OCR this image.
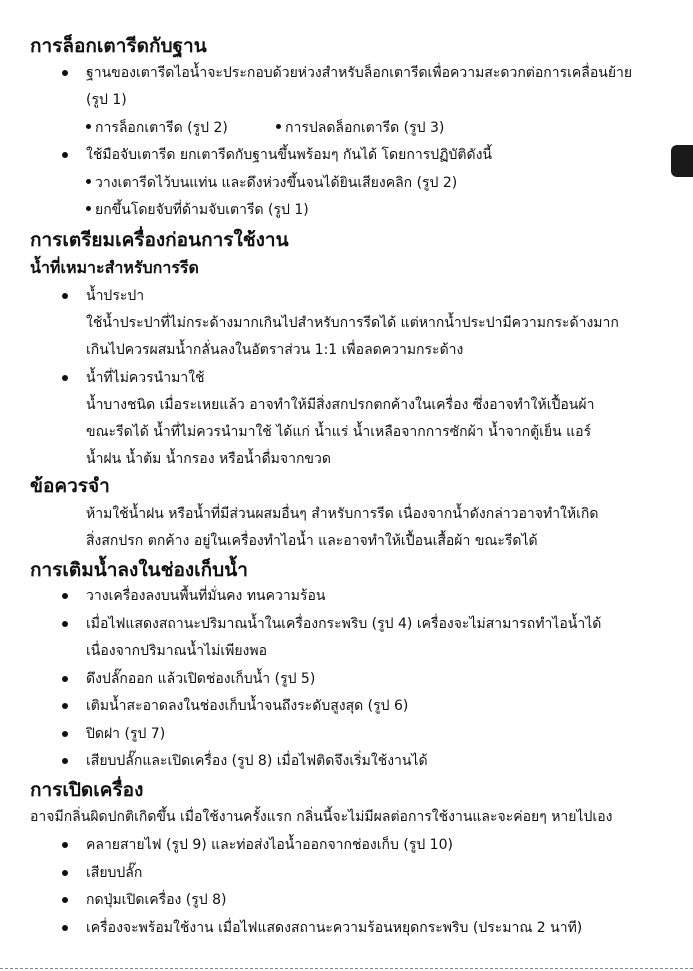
การล็อกเตารีดกับฐาน
ฐานของเตารีดไอน้ำจะประกอบด้วยห่วงสำหรับล็อกเตารีดเพื่อความสะดวกต่อการเคลื่อนย้าย
(รูป 1)
การล็อกเตารีด (รูป 2)	การปลดล็อกเตารีด (รูป 3)
ใช้มือจับเตารีด ยกเตารีดกับฐานขึ้นพร้อมๆ กันได้ โดยการปฏิบัติดังนี้
วางเตารีดไว้บนแท่น และดึงห่วงขึ้นจนได้ยินเสียงคลิก (รูป 2)
ยกขึ้นโดยจับที่ด้ามจับเตารีด (รูป 1)
การเตรียมเครื่องก่อนการใช้งาน
น้ำที่เหมาะสำหรับการรีด
น้ำประปา
ใช้น้ำประปาที่ไม่กระด้างมากเกินไปสำหรับการรีดได้ แต่หากน้ำประปามีความกระด้างมาก
เกินไปควรผสมน้ำกลั่นลงในอัตราส่วน 1:1 เพื่อลดความกระด้าง
น้ำที่ไม่ควรนำมาใช้
น้ำบางชนิด เมื่อระเหยแล้ว อาจทำให้มีสิ่งสกปรกตกค้างในเครื่อง ซึ่งอาจทำให้เปื้อนผ้า
ขณะรีดได้ น้ำที่ไม่ควรนำมาใช้ ได้แก่ น้ำแร่ น้ำเหลือจากการซักผ้า น้ำจากตู้เย็น แอร์
น้ำฝน น้ำต้ม น้ำกรอง หรือน้ำดื่มจากขวด
ข้อควรจำ
ห้ามใช้น้ำฝน หรือน้ำที่มีส่วนผสมอื่นๆ สำหรับการรีด เนื่องจากน้ำดังกล่าวอาจทำให้เกิด
สิ่งสกปรก ตกค้าง อยู่ในเครื่องทำไอน้ำ และอาจทำให้เปื้อนเสื้อผ้า ขณะรีดได้
การเติมน้ำลงในช่องเก็บน้ำ
วางเครื่องลงบนพื้นที่มั่นคง ทนความร้อน
เมื่อไฟแสดงสถานะปริมาณน้ำในเครื่องกระพริบ (รูป 4) เครื่องจะไม่สามารถทำไอน้ำได้
เนื่องจากปริมาณน้ำไม่เพียงพอ
ดึงปลั๊กออก แล้วเปิดช่องเก็บน้ำ (รูป 5)
เติมน้ำสะอาดลงในช่องเก็บน้ำจนถึงระดับสูงสุด (รูป 6)
ปิดฝา (รูป 7)
เสียบปลั๊กและเปิดเครื่อง (รูป 8) เมื่อไฟติดจึงเริ่มใช้งานได้
การเปิดเครื่อง
อาจมีกลิ่นผิดปกติเกิดขึ้น เมื่อใช้งานครั้งแรก กลิ่นนี้จะไม่มีผลต่อการใช้งานและจะค่อยๆ หายไปเอง
คลายสายไฟ (รูป 9) และท่อส่งไอน้ำออกจากช่องเก็บ (รูป 10)
เสียบปลั๊ก
กดปุ่มเปิดเครื่อง (รูป 8)
เครื่องจะพร้อมใช้งาน เมื่อไฟแสดงสถานะความร้อนหยุดกระพริบ (ประมาณ 2 นาที)
